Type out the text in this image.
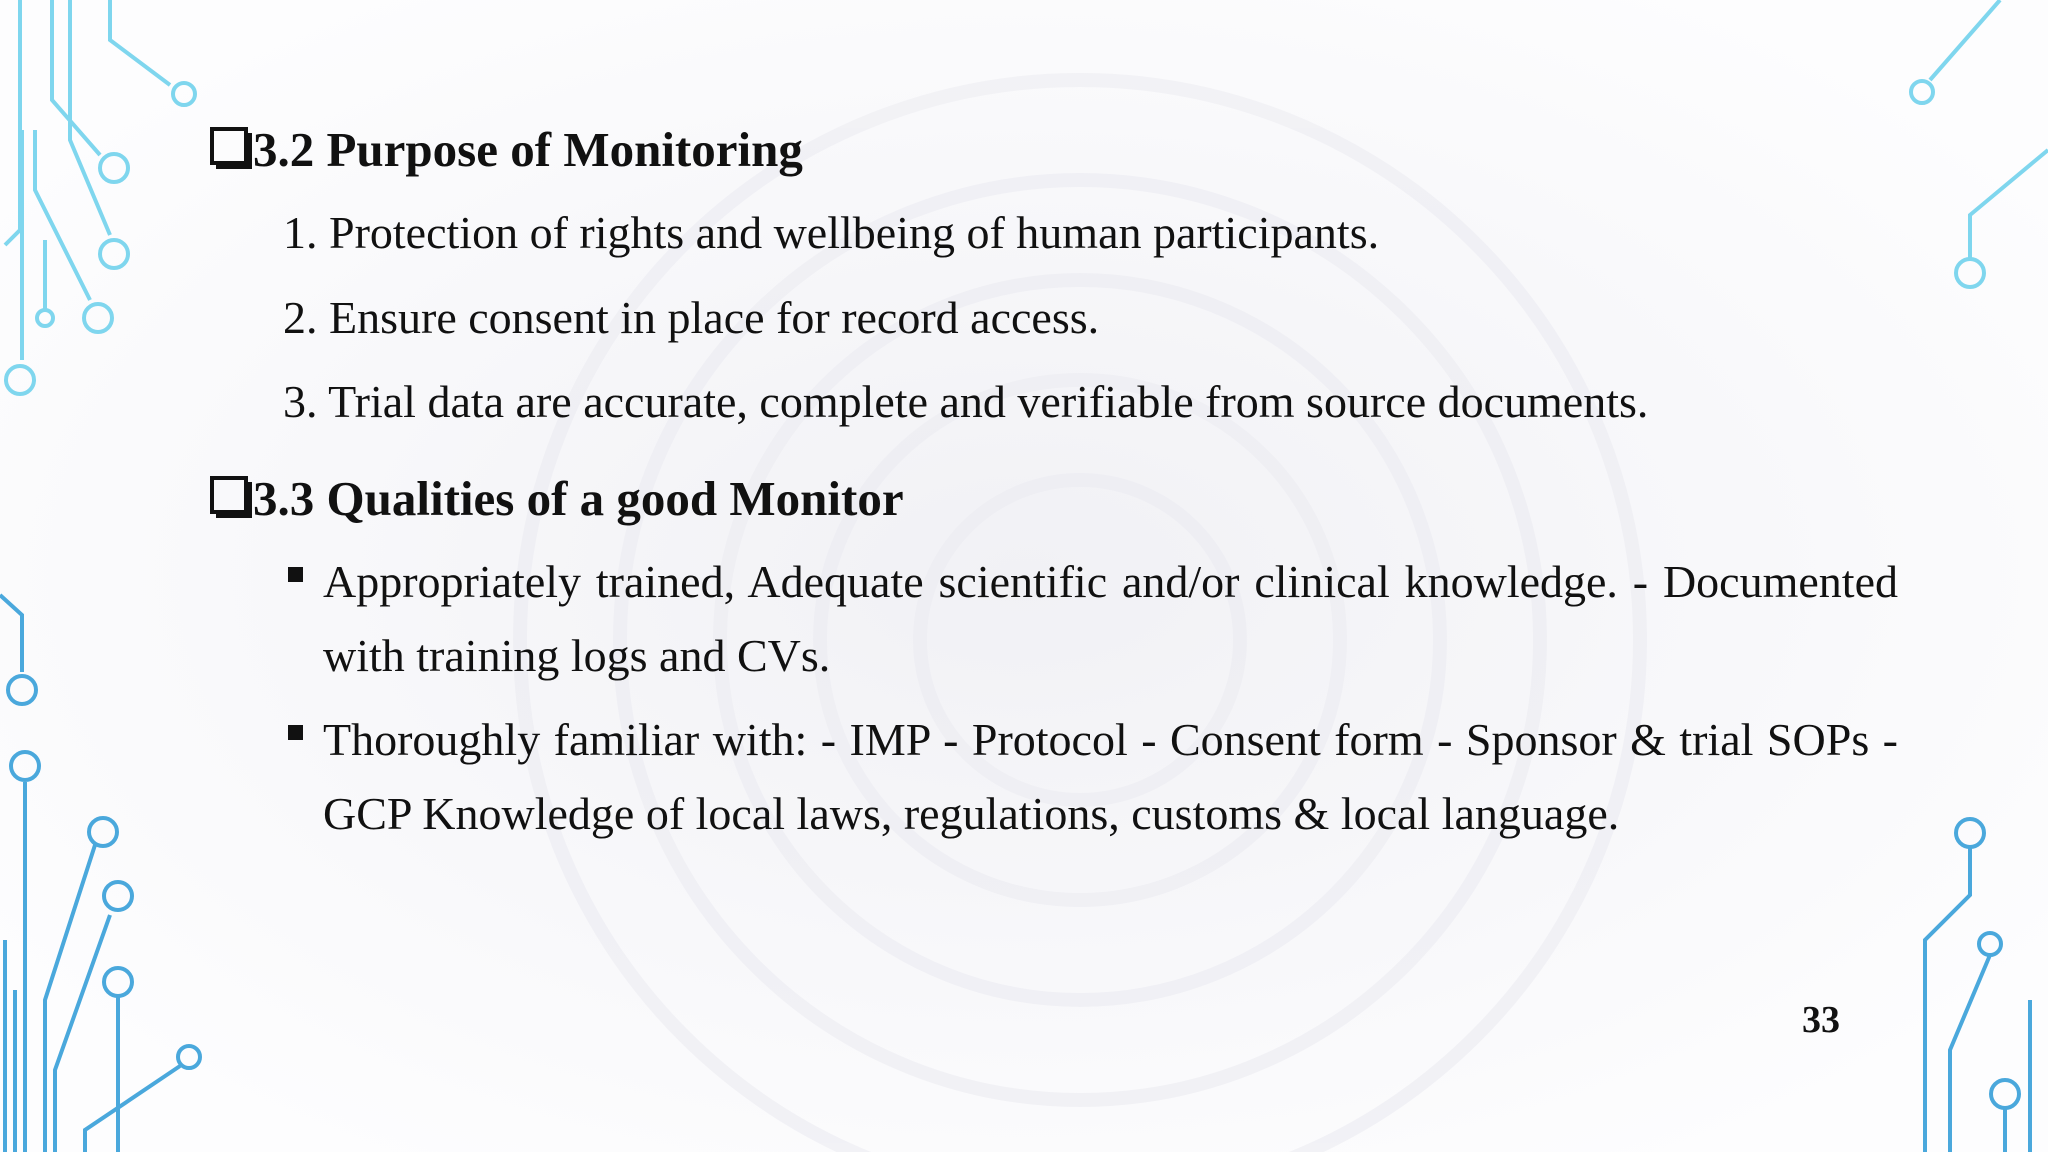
3.2 Purpose of Monitoring

1. Protection of rights and wellbeing of human participants.

2. Ensure consent in place for record access.

3. Trial data are accurate, complete and verifiable from source documents.

3.3 Qualities of a good Monitor

Appropriately trained, Adequate scientific and/or clinical knowledge. - Documented with training logs and CVs.

Thoroughly familiar with: - IMP - Protocol - Consent form - Sponsor & trial SOPs - GCP Knowledge of local laws, regulations, customs & local language.

33
